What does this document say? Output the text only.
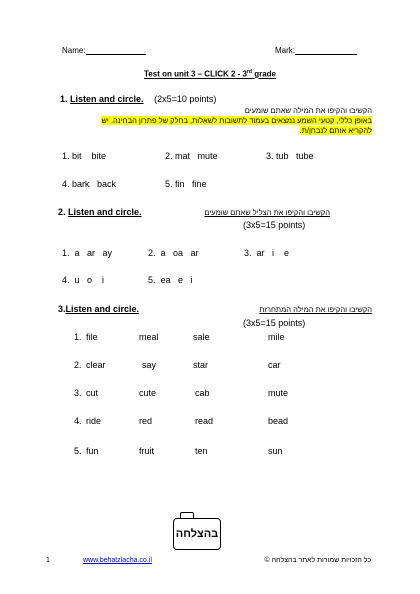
Name:	Mark:
Test on unit 3 – CLICK 2 - 3rd grade
1. Listen and circle. (2x5=10 points)
הקשיבו והקיפו את המילה שאתם שומעים
באופן כללי, קטעי השמע נמצאים בעמוד לתשובות לשאלות, בחלק של פתרון הבחינה. יש
להקריא אותם לנבחן/ת.
1. bit    bite	2. mat   mute	3. tub   tube
4. bark   back	5. fin   fine
2. Listen and circle.	הקשיבו והקיפו את הצליל שאתם שומעים
(3x5=15 points)
1.  a   ar   ay	2.  a   oa   ar	3.  ar   i    e
4.  u   o    i	5.  ea   e   i
3.Listen and circle.	הקשיבו והקיפו את המילה המתחרזת
(3x5=15 points)
1. file	meal	sale	mile
2. clear	say	star	car
3. cut	cute	cab	mute
4. ride	red	read	bead
5. fun	fruit	ten	sun
בהצלחה
1	www.behatzlacha.co.il	כל הזכויות שמורות לאתר בהצלחה ©
